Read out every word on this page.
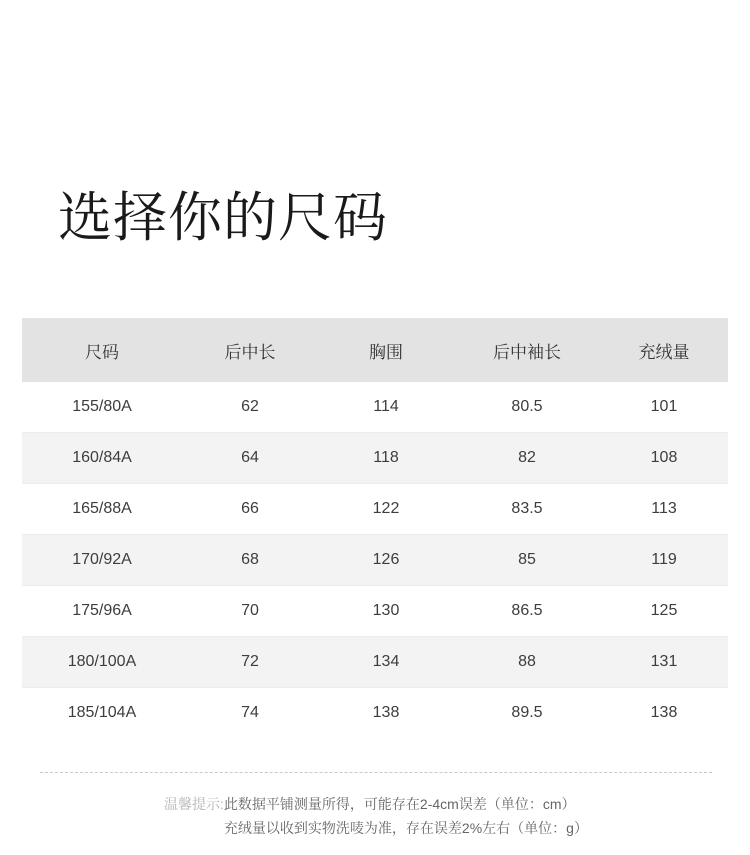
选择你的尺码
尺码	后中长	胸围	后中袖长	充绒量
155/80A	62	114	80.5	101
160/84A	64	118	82	108
165/88A	66	122	83.5	113
170/92A	68	126	85	119
175/96A	70	130	86.5	125
180/100A	72	134	88	131
185/104A	74	138	89.5	138
温馨提示: 此数据平铺测量所得，可能存在2-4cm误差（单位：cm）
充绒量以收到实物洗唛为准，存在误差2%左右（单位：g）
